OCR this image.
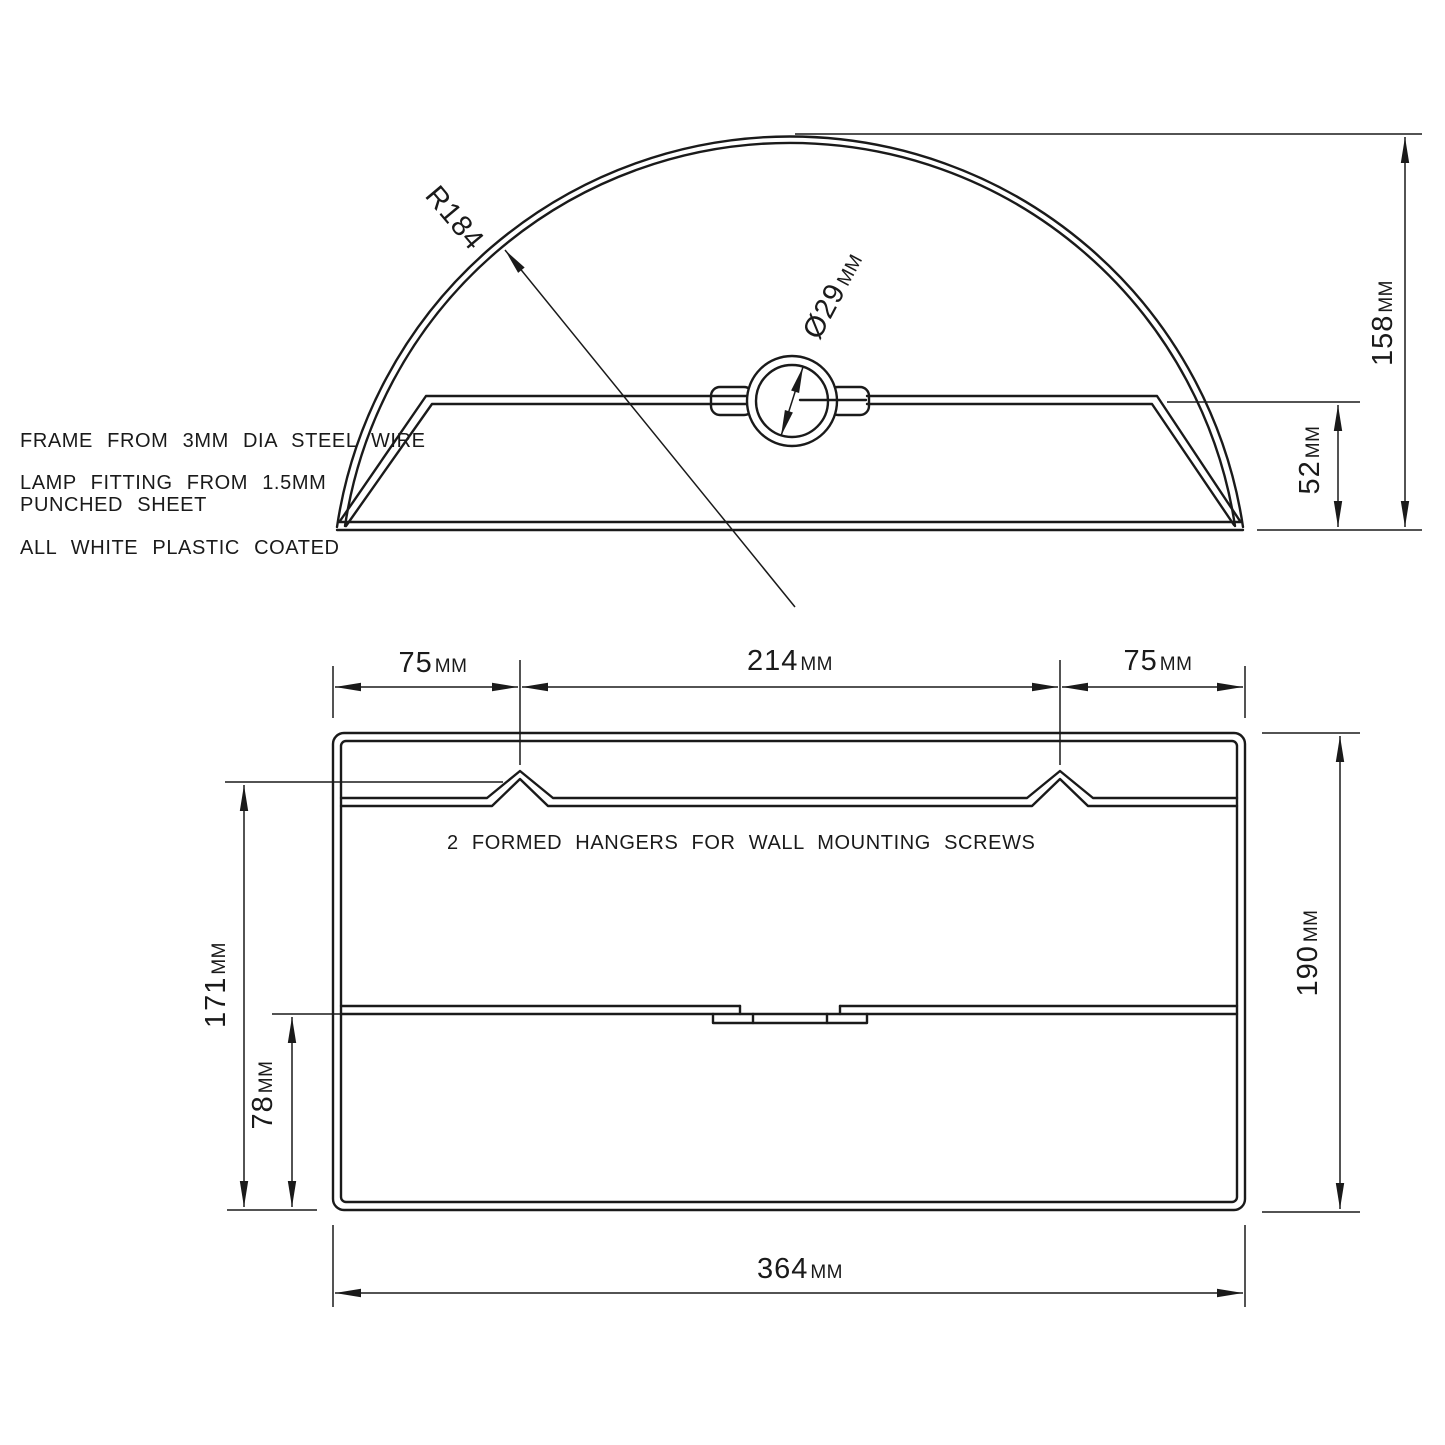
FRAME FROM 3MM DIA STEEL WIRE
LAMP FITTING FROM 1.5MM
PUNCHED SHEET
ALL WHITE PLASTIC COATED
R184
Ø29MM
158MM
52MM
2 FORMED HANGERS FOR WALL MOUNTING SCREWS
75 MM	214 MM	75 MM
171MM
78MM
190MM
364 MM
